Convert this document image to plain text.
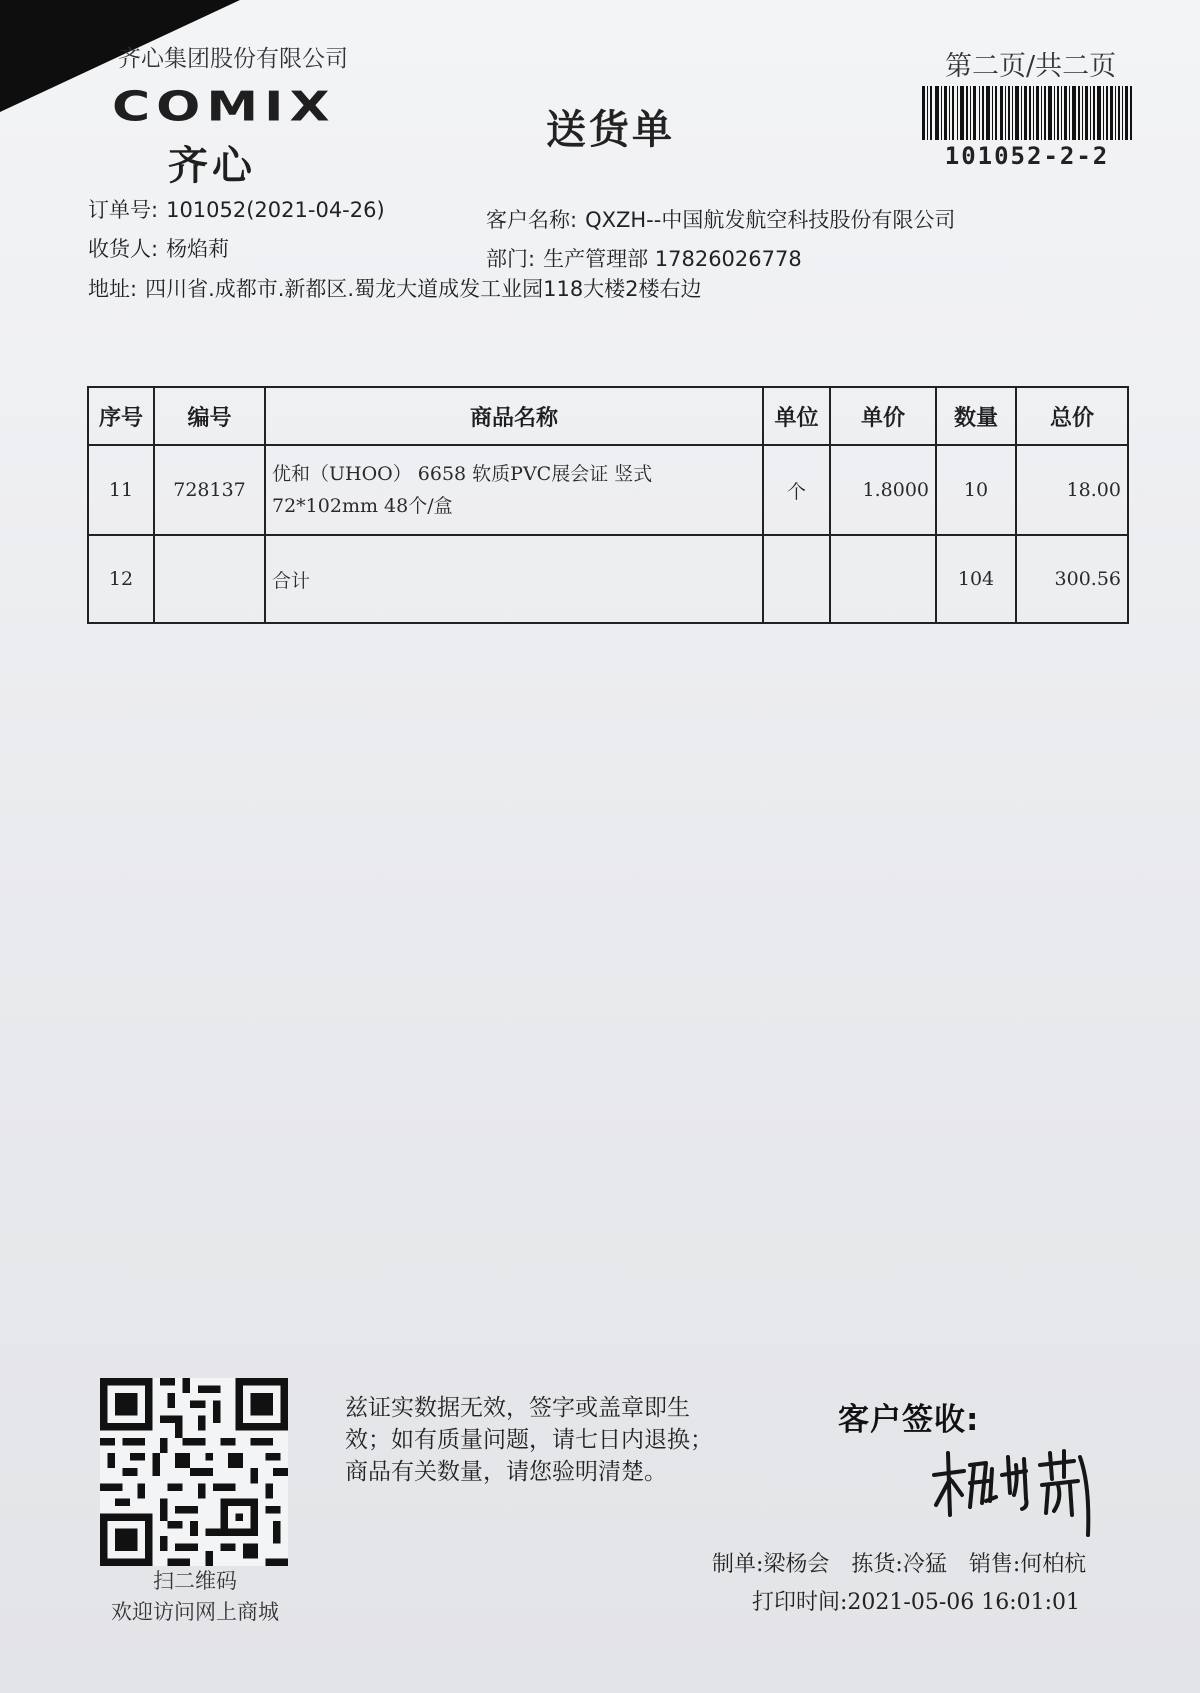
齐心集团股份有限公司
COMIX
齐心
送货单
第二页/共二页
101052-2-2
订单号: 101052(2021-04-26)
收货人: 杨焰莉
地址: 四川省.成都市.新都区.蜀龙大道成发工业园118大楼2楼右边
客户名称: QXZH--中国航发航空科技股份有限公司
部门: 生产管理部 17826026778
序号	编号	商品名称	单位	单价	数量	总价
11	728137	优和（UHOO） 6658 软质PVC展会证 竖式
72*102mm 48个/盒	个	1.8000	10	18.00
12		合计			104	300.56
扫二维码
欢迎访问网上商城
兹证实数据无效，签字或盖章即生
效；如有质量问题，请七日内退换；
商品有关数量，请您验明清楚。
客户签收:
制单:梁杨会 拣货:冷猛 销售:何柏杭
打印时间:2021-05-06 16:01:01
